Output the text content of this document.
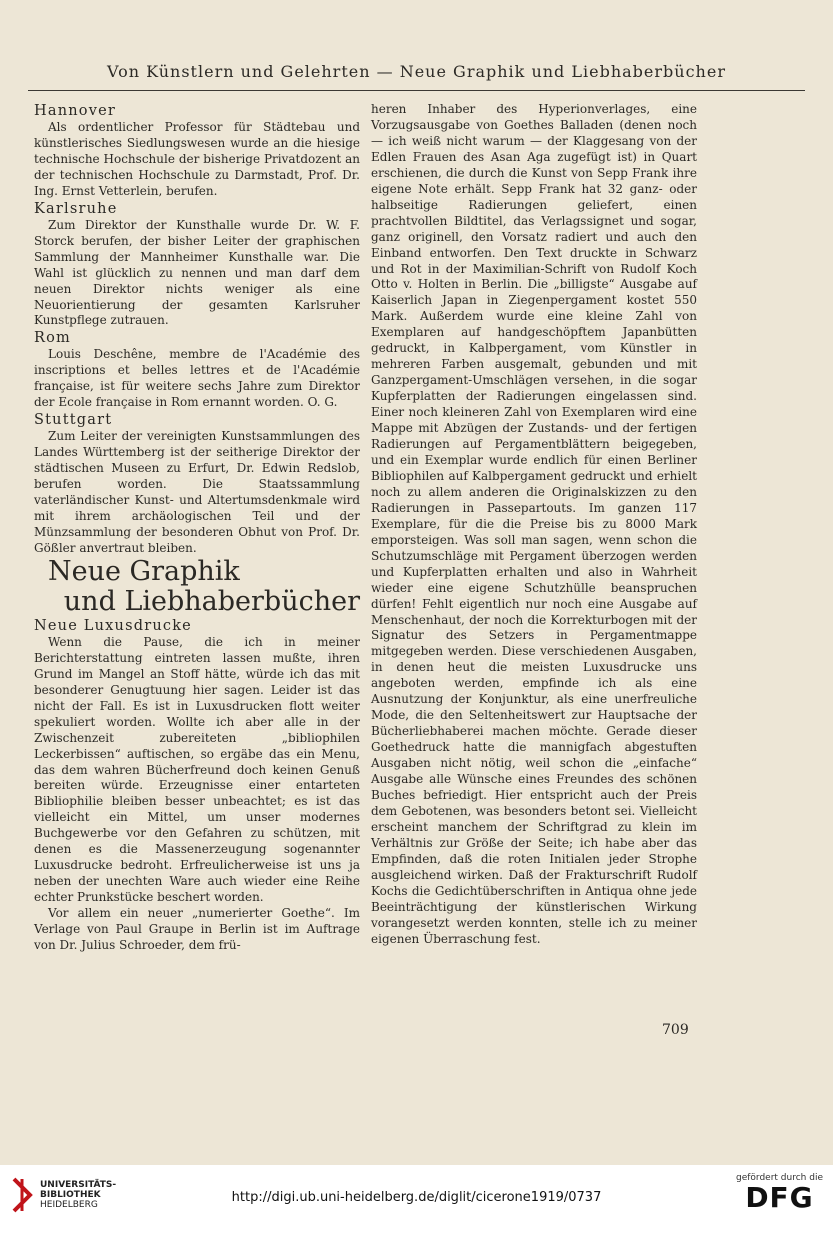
Von Künstlern und Gelehrten — Neue Graphik und Liebhaberbücher

Hannover

Als ordentlicher Professor für Städtebau und künstlerisches Siedlungswesen wurde an die hiesige technische Hochschule der bisherige Privatdozent an der technischen Hochschule zu Darmstadt, Prof. Dr. Ing. Ernst Vetterlein, berufen.

Karlsruhe

Zum Direktor der Kunsthalle wurde Dr. W. F. Storck berufen, der bisher Leiter der graphischen Sammlung der Mannheimer Kunsthalle war. Die Wahl ist glücklich zu nennen und man darf dem neuen Direktor nichts weniger als eine Neuorientierung der gesamten Karlsruher Kunstpflege zutrauen.

Rom

Louis Deschêne, membre de l'Académie des inscriptions et belles lettres et de l'Académie française, ist für weitere sechs Jahre zum Direktor der Ecole française in Rom ernannt worden. O. G.

Stuttgart

Zum Leiter der vereinigten Kunstsammlungen des Landes Württemberg ist der seitherige Direktor der städtischen Museen zu Erfurt, Dr. Edwin Redslob, berufen worden. Die Staatssammlung vaterländischer Kunst- und Altertumsdenkmale wird mit ihrem archäologischen Teil und der Münzsammlung der besonderen Obhut von Prof. Dr. Gößler anvertraut bleiben.

Neue Graphik

und Liebhaberbücher

Neue Luxusdrucke

Wenn die Pause, die ich in meiner Berichterstattung eintreten lassen mußte, ihren Grund im Mangel an Stoff hätte, würde ich das mit besonderer Genugtuung hier sagen. Leider ist das nicht der Fall. Es ist in Luxusdrucken flott weiter spekuliert worden. Wollte ich aber alle in der Zwischenzeit zubereiteten „bibliophilen Leckerbissen“ auftischen, so ergäbe das ein Menu, das dem wahren Bücherfreund doch keinen Genuß bereiten würde. Erzeugnisse einer entarteten Bibliophilie bleiben besser unbeachtet; es ist das vielleicht ein Mittel, um unser modernes Buchgewerbe vor den Gefahren zu schützen, mit denen es die Massenerzeugung sogenannter Luxusdrucke bedroht. Erfreulicherweise ist uns ja neben der unechten Ware auch wieder eine Reihe echter Prunkstücke beschert worden.

Vor allem ein neuer „numerierter Goethe“. Im Verlage von Paul Graupe in Berlin ist im Auftrage von Dr. Julius Schroeder, dem frü-

heren Inhaber des Hyperionverlages, eine Vorzugsausgabe von Goethes Balladen (denen noch — ich weiß nicht warum — der Klaggesang von der Edlen Frauen des Asan Aga zugefügt ist) in Quart erschienen, die durch die Kunst von Sepp Frank ihre eigene Note erhält. Sepp Frank hat 32 ganz- oder halbseitige Radierungen geliefert, einen prachtvollen Bildtitel, das Verlagssignet und sogar, ganz originell, den Vorsatz radiert und auch den Einband entworfen. Den Text druckte in Schwarz und Rot in der Maximilian-Schrift von Rudolf Koch Otto v. Holten in Berlin. Die „billigste“ Ausgabe auf Kaiserlich Japan in Ziegenpergament kostet 550 Mark. Außerdem wurde eine kleine Zahl von Exemplaren auf handgeschöpftem Japanbütten gedruckt, in Kalbpergament, vom Künstler in mehreren Farben ausgemalt, gebunden und mit Ganzpergament-Umschlägen versehen, in die sogar Kupferplatten der Radierungen eingelassen sind. Einer noch kleineren Zahl von Exemplaren wird eine Mappe mit Abzügen der Zustands- und der fertigen Radierungen auf Pergamentblättern beigegeben, und ein Exemplar wurde endlich für einen Berliner Bibliophilen auf Kalbpergament gedruckt und erhielt noch zu allem anderen die Originalskizzen zu den Radierungen in Passepartouts. Im ganzen 117 Exemplare, für die die Preise bis zu 8000 Mark emporsteigen. Was soll man sagen, wenn schon die Schutzumschläge mit Pergament überzogen werden und Kupferplatten erhalten und also in Wahrheit wieder eine eigene Schutzhülle beanspruchen dürfen! Fehlt eigentlich nur noch eine Ausgabe auf Menschenhaut, der noch die Korrekturbogen mit der Signatur des Setzers in Pergamentmappe mitgegeben werden. Diese verschiedenen Ausgaben, in denen heut die meisten Luxusdrucke uns angeboten werden, empfinde ich als eine Ausnutzung der Konjunktur, als eine unerfreuliche Mode, die den Seltenheitswert zur Hauptsache der Bücherliebhaberei machen möchte. Gerade dieser Goethedruck hatte die mannigfach abgestuften Ausgaben nicht nötig, weil schon die „einfache“ Ausgabe alle Wünsche eines Freundes des schönen Buches befriedigt. Hier entspricht auch der Preis dem Gebotenen, was besonders betont sei. Vielleicht erscheint manchem der Schriftgrad zu klein im Verhältnis zur Größe der Seite; ich habe aber das Empfinden, daß die roten Initialen jeder Strophe ausgleichend wirken. Daß der Frakturschrift Rudolf Kochs die Gedichtüberschriften in Antiqua ohne jede Beeinträchtigung der künstlerischen Wirkung vorangesetzt werden konnten, stelle ich zu meiner eigenen Überraschung fest.

709
UNIVERSITÄTS-
BIBLIOTHEK
HEIDELBERG	http://digi.ub.uni-heidelberg.de/diglit/cicerone1919/0737
gefördert durch die
DFG
